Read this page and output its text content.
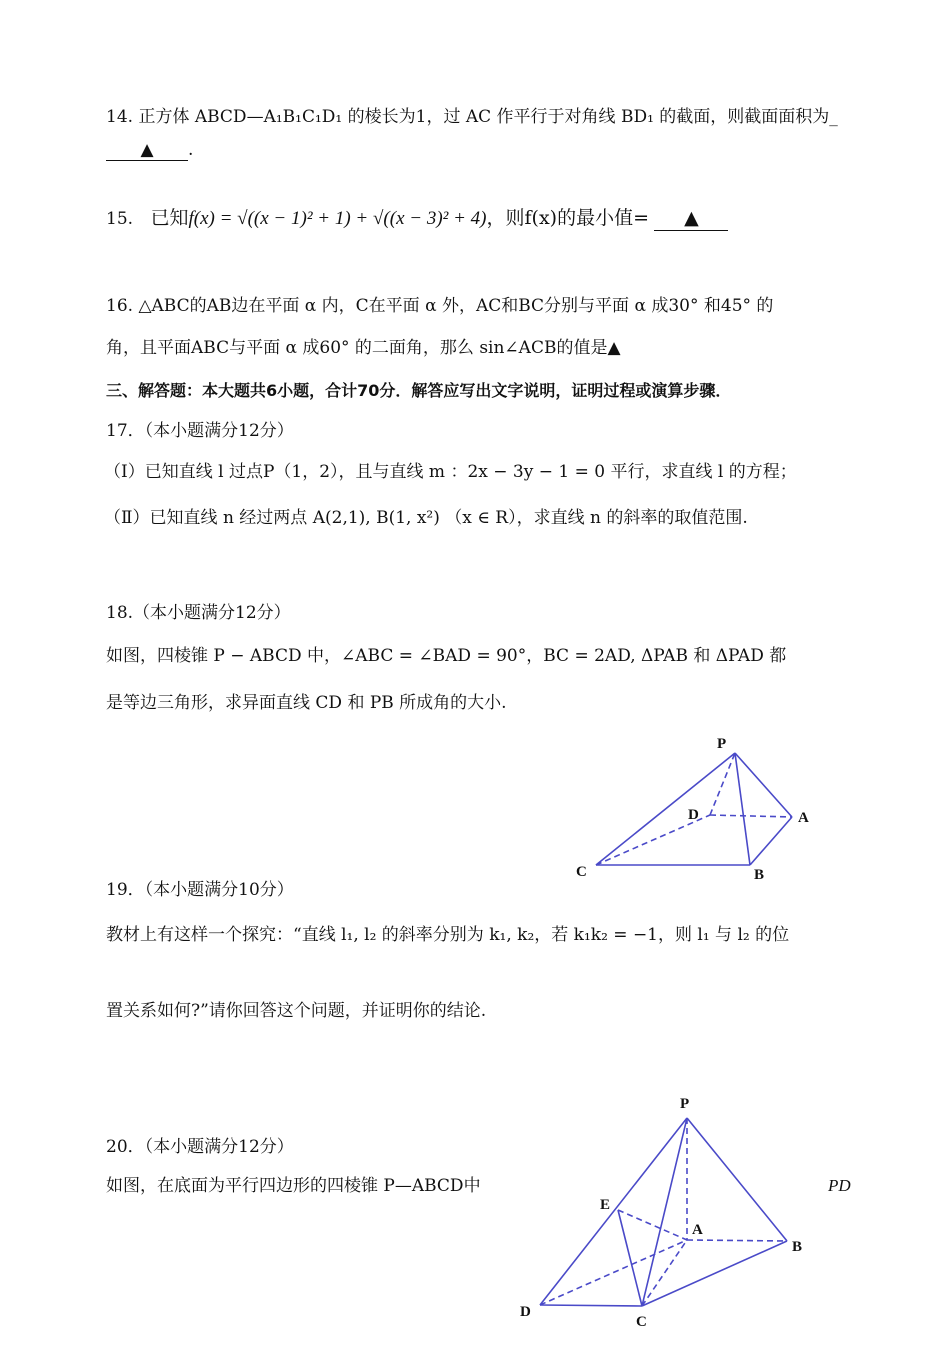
14. 正方体 ABCD—A₁B₁C₁D₁ 的棱长为1，过 AC 作平行于对角线 BD₁ 的截面，则截面面积为_
▲ .
15. 已知f(x) = √((x − 1)² + 1) + √((x − 3)² + 4)，则f(x)的最小值= ▲
16. △ABC的AB边在平面 α 内，C在平面 α 外，AC和BC分别与平面 α 成30° 和45° 的
角，且平面ABC与平面 α 成60° 的二面角，那么 sin∠ACB的值是▲
三、解答题：本大题共6小题，合计70分．解答应写出文字说明，证明过程或演算步骤．
17．（本小题满分12分）
（Ⅰ）已知直线 l 过点P（1，2），且与直线 m ：2x − 3y − 1 = 0 平行，求直线 l 的方程；
（Ⅱ）已知直线 n 经过两点 A(2,1), B(1, x²) （x ∈ R），求直线 n 的斜率的取值范围.
18.（本小题满分12分）
如图，四棱锥 P − ABCD 中，∠ABC = ∠BAD = 90°，BC = 2AD, ΔPAB 和 ΔPAD 都
是等边三角形，求异面直线 CD 和 PB 所成角的大小.
P
D	A
C	B
19．（本小题满分10分）
教材上有这样一个探究：“直线 l₁, l₂ 的斜率分别为 k₁, k₂，若 k₁k₂ = −1，则 l₁ 与 l₂ 的位
置关系如何?”请你回答这个问题，并证明你的结论.
20．（本小题满分12分）
如图，在底面为平行四边形的四棱锥 P—ABCD中	PD
P
E
A
B
D
C
